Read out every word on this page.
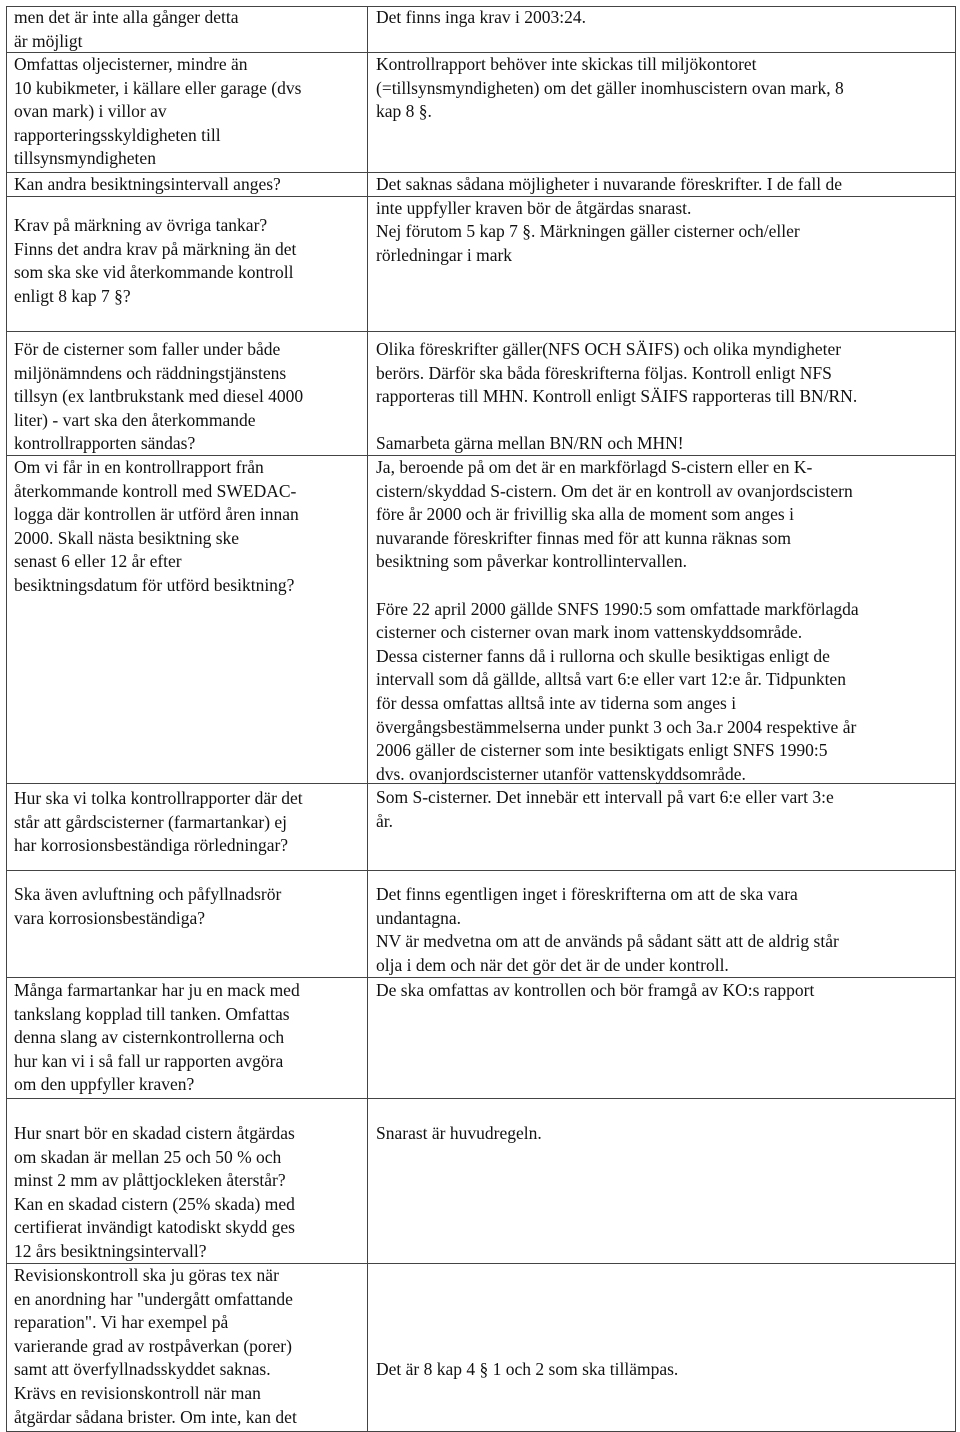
men det är inte alla gånger detta
är möjligt
Det finns inga krav i 2003:24.
Omfattas oljecisterner, mindre än
10 kubikmeter, i källare eller garage (dvs
ovan mark) i villor av
rapporteringsskyldigheten till
tillsynsmyndigheten
Kontrollrapport behöver inte skickas till miljökontoret
(=tillsynsmyndigheten) om det gäller inomhuscistern ovan mark, 8
kap 8 §.
Kan andra besiktningsintervall anges?	Det saknas sådana möjligheter i nuvarande föreskrifter. I de fall de
inte uppfyller kraven bör de åtgärdas snarast.
Krav på märkning av övriga tankar?
Finns det andra krav på märkning än det
som ska ske vid återkommande kontroll
enligt 8 kap 7 §?
Nej förutom 5 kap 7 §. Märkningen gäller cisterner och/eller
rörledningar i mark
För de cisterner som faller under både
miljönämndens och räddningstjänstens
tillsyn (ex lantbrukstank med diesel 4000
liter) - vart ska den återkommande
kontrollrapporten sändas?
Olika föreskrifter gäller(NFS OCH SÄIFS) och olika myndigheter
berörs. Därför ska båda föreskrifterna följas. Kontroll enligt NFS
rapporteras till MHN. Kontroll enligt SÄIFS rapporteras till BN/RN.
Samarbeta gärna mellan BN/RN och MHN!
Om vi får in en kontrollrapport från
återkommande kontroll med SWEDAC-
logga där kontrollen är utförd åren innan
2000. Skall nästa besiktning ske
senast 6 eller 12 år efter
besiktningsdatum för utförd besiktning?
Ja, beroende på om det är en markförlagd S-cistern eller en K-
cistern/skyddad S-cistern. Om det är en kontroll av ovanjordscistern
före år 2000 och är frivillig ska alla de moment som anges i
nuvarande föreskrifter finnas med för att kunna räknas som
besiktning som påverkar kontrollintervallen.
Före 22 april 2000 gällde SNFS 1990:5 som omfattade markförlagda
cisterner och cisterner ovan mark inom vattenskyddsområde.
Dessa cisterner fanns då i rullorna och skulle besiktigas enligt de
intervall som då gällde, alltså vart 6:e eller vart 12:e år. Tidpunkten
för dessa omfattas alltså inte av tiderna som anges i
övergångsbestämmelserna under punkt 3 och 3a.r 2004 respektive år
2006 gäller de cisterner som inte besiktigats enligt SNFS 1990:5
dvs. ovanjordscisterner utanför vattenskyddsområde.
Som S-cisterner. Det innebär ett intervall på vart 6:e eller vart 3:e
år.
Hur ska vi tolka kontrollrapporter där det
står att gårdscisterner (farmartankar) ej
har korrosionsbeständiga rörledningar?
Ska även avluftning och påfyllnadsrör
vara korrosionsbeständiga?
Det finns egentligen inget i föreskrifterna om att de ska vara
undantagna.
NV är medvetna om att de används på sådant sätt att de aldrig står
olja i dem och när det gör det är de under kontroll.
Många farmartankar har ju en mack med
tankslang kopplad till tanken. Omfattas
denna slang av cisternkontrollerna och
hur kan vi i så fall ur rapporten avgöra
om den uppfyller kraven?
De ska omfattas av kontrollen och bör framgå av KO:s rapport
Hur snart bör en skadad cistern åtgärdas
om skadan är mellan 25 och 50 % och
minst 2 mm av plåttjockleken återstår?
Kan en skadad cistern (25% skada) med
certifierat invändigt katodiskt skydd ges
12 års besiktningsintervall?
Snarast är huvudregeln.
Revisionskontroll ska ju göras tex när
en anordning har "undergått omfattande
reparation". Vi har exempel på
varierande grad av rostpåverkan (porer)
samt att överfyllnadsskyddet saknas.
Krävs en revisionskontroll när man
åtgärdar sådana brister. Om inte, kan det
Det är 8 kap 4 § 1 och 2 som ska tillämpas.
